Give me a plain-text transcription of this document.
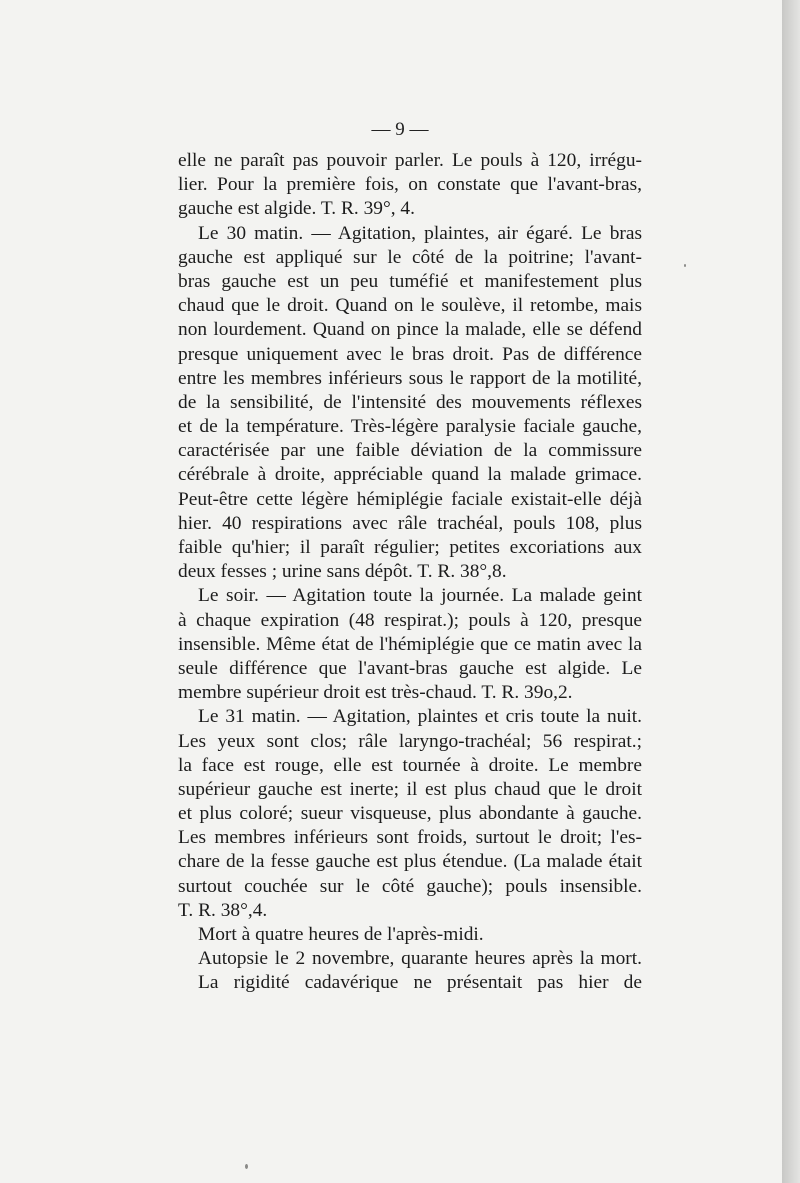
— 9 —
elle ne paraît pas pouvoir parler. Le pouls à 120, irrégu-
lier. Pour la première fois, on constate que l'avant-bras,
gauche est algide. T. R. 39°, 4.
Le 30 matin. — Agitation, plaintes, air égaré. Le bras
gauche est appliqué sur le côté de la poitrine; l'avant-
bras gauche est un peu tuméfié et manifestement plus
chaud que le droit. Quand on le soulève, il retombe, mais
non lourdement. Quand on pince la malade, elle se défend
presque uniquement avec le bras droit. Pas de différence
entre les membres inférieurs sous le rapport de la motilité,
de la sensibilité, de l'intensité des mouvements réflexes
et de la température. Très-légère paralysie faciale gauche,
caractérisée par une faible déviation de la commissure
cérébrale à droite, appréciable quand la malade grimace.
Peut-être cette légère hémiplégie faciale existait-elle déjà
hier. 40 respirations avec râle trachéal, pouls 108, plus
faible qu'hier; il paraît régulier; petites excoriations aux
deux fesses ; urine sans dépôt. T. R. 38°,8.
Le soir. — Agitation toute la journée. La malade geint
à chaque expiration (48 respirat.); pouls à 120, presque
insensible. Même état de l'hémiplégie que ce matin avec la
seule différence que l'avant-bras gauche est algide. Le
membre supérieur droit est très-chaud. T. R. 39o,2.
Le 31 matin. — Agitation, plaintes et cris toute la nuit.
Les yeux sont clos; râle laryngo-trachéal; 56 respirat.;
la face est rouge, elle est tournée à droite. Le membre
supérieur gauche est inerte; il est plus chaud que le droit
et plus coloré; sueur visqueuse, plus abondante à gauche.
Les membres inférieurs sont froids, surtout le droit; l'es-
chare de la fesse gauche est plus étendue. (La malade était
surtout couchée sur le côté gauche); pouls insensible.
T. R. 38°,4.
Mort à quatre heures de l'après-midi.
Autopsie le 2 novembre, quarante heures après la mort.
La rigidité cadavérique ne présentait pas hier de
